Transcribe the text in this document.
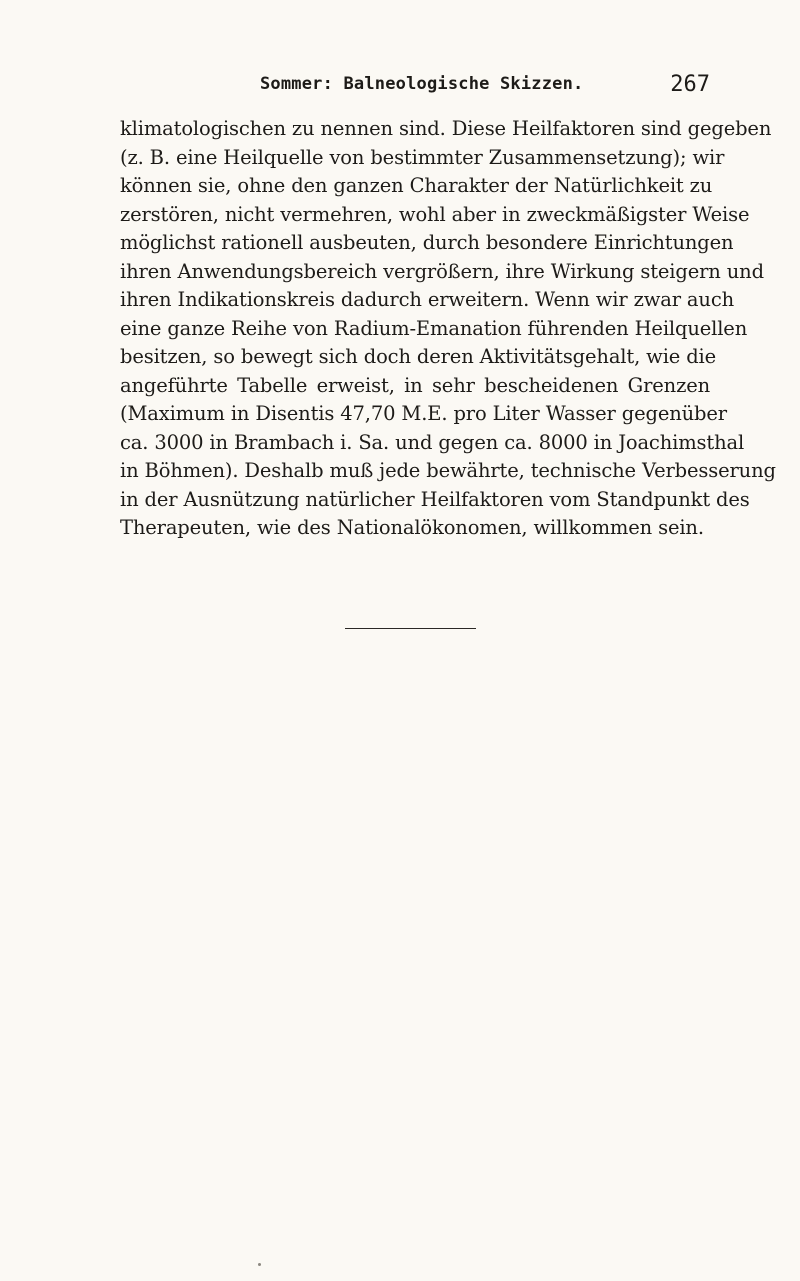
Sommer: Balneologische Skizzen.	267
klimatologischen zu nennen sind. Diese Heilfaktoren sind gegeben
(z. B. eine Heilquelle von bestimmter Zusammensetzung); wir
können sie, ohne den ganzen Charakter der Natürlichkeit zu
zerstören, nicht vermehren, wohl aber in zweckmäßigster Weise
möglichst rationell ausbeuten, durch besondere Einrichtungen
ihren Anwendungsbereich vergrößern, ihre Wirkung steigern und
ihren Indikationskreis dadurch erweitern. Wenn wir zwar auch
eine ganze Reihe von Radium-Emanation führenden Heilquellen
besitzen, so bewegt sich doch deren Aktivitätsgehalt, wie die
angeführte Tabelle erweist, in sehr bescheidenen Grenzen
(Maximum in Disentis 47,70 M.E. pro Liter Wasser gegenüber
ca. 3000 in Brambach i. Sa. und gegen ca. 8000 in Joachimsthal
in Böhmen). Deshalb muß jede bewährte, technische Verbesserung
in der Ausnützung natürlicher Heilfaktoren vom Standpunkt des
Therapeuten, wie des Nationalökonomen, willkommen sein.
